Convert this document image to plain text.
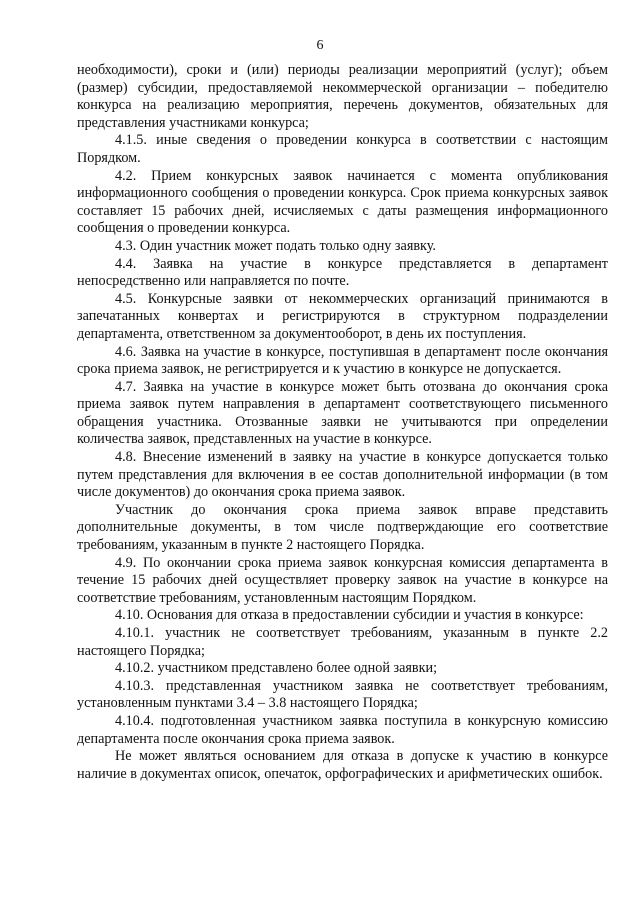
6

необходимости), сроки и (или) периоды реализации мероприятий (услуг); объем (размер) субсидии, предоставляемой некоммерческой организации – победителю конкурса на реализацию мероприятия, перечень документов, обязательных для представления участниками конкурса;

4.1.5. иные сведения о проведении конкурса в соответствии с настоящим Порядком.

4.2. Прием конкурсных заявок начинается с момента опубликования информационного сообщения о проведении конкурса. Срок приема конкурсных заявок составляет 15 рабочих дней, исчисляемых с даты размещения информационного сообщения о проведении конкурса.

4.3. Один участник может подать только одну заявку.

4.4. Заявка на участие в конкурсе представляется в департамент непосредственно или направляется по почте.

4.5. Конкурсные заявки от некоммерческих организаций принимаются в запечатанных конвертах и регистрируются в структурном подразделении департамента, ответственном за документооборот, в день их поступления.

4.6. Заявка на участие в конкурсе, поступившая в департамент после окончания срока приема заявок, не регистрируется и к участию в конкурсе не допускается.

4.7. Заявка на участие в конкурсе может быть отозвана до окончания срока приема заявок путем направления в департамент соответствующего письменного обращения участника. Отозванные заявки не учитываются при определении количества заявок, представленных на участие в конкурсе.

4.8. Внесение изменений в заявку на участие в конкурсе допускается только путем представления для включения в ее состав дополнительной информации (в том числе документов) до окончания срока приема заявок.

Участник до окончания срока приема заявок вправе представить дополнительные документы, в том числе подтверждающие его соответствие требованиям, указанным в пункте 2 настоящего Порядка.

4.9. По окончании срока приема заявок конкурсная комиссия департамента в течение 15 рабочих дней осуществляет проверку заявок на участие в конкурсе на соответствие требованиям, установленным настоящим Порядком.

4.10. Основания для отказа в предоставлении субсидии и участия в конкурсе:

4.10.1. участник не соответствует требованиям, указанным в пункте 2.2 настоящего Порядка;

4.10.2. участником представлено более одной заявки;

4.10.3. представленная участником заявка не соответствует требованиям, установленным пунктами 3.4 – 3.8 настоящего Порядка;

4.10.4. подготовленная участником заявка поступила в конкурсную комиссию департамента после окончания срока приема заявок.

Не может являться основанием для отказа в допуске к участию в конкурсе наличие в документах описок, опечаток, орфографических и арифметических ошибок.
